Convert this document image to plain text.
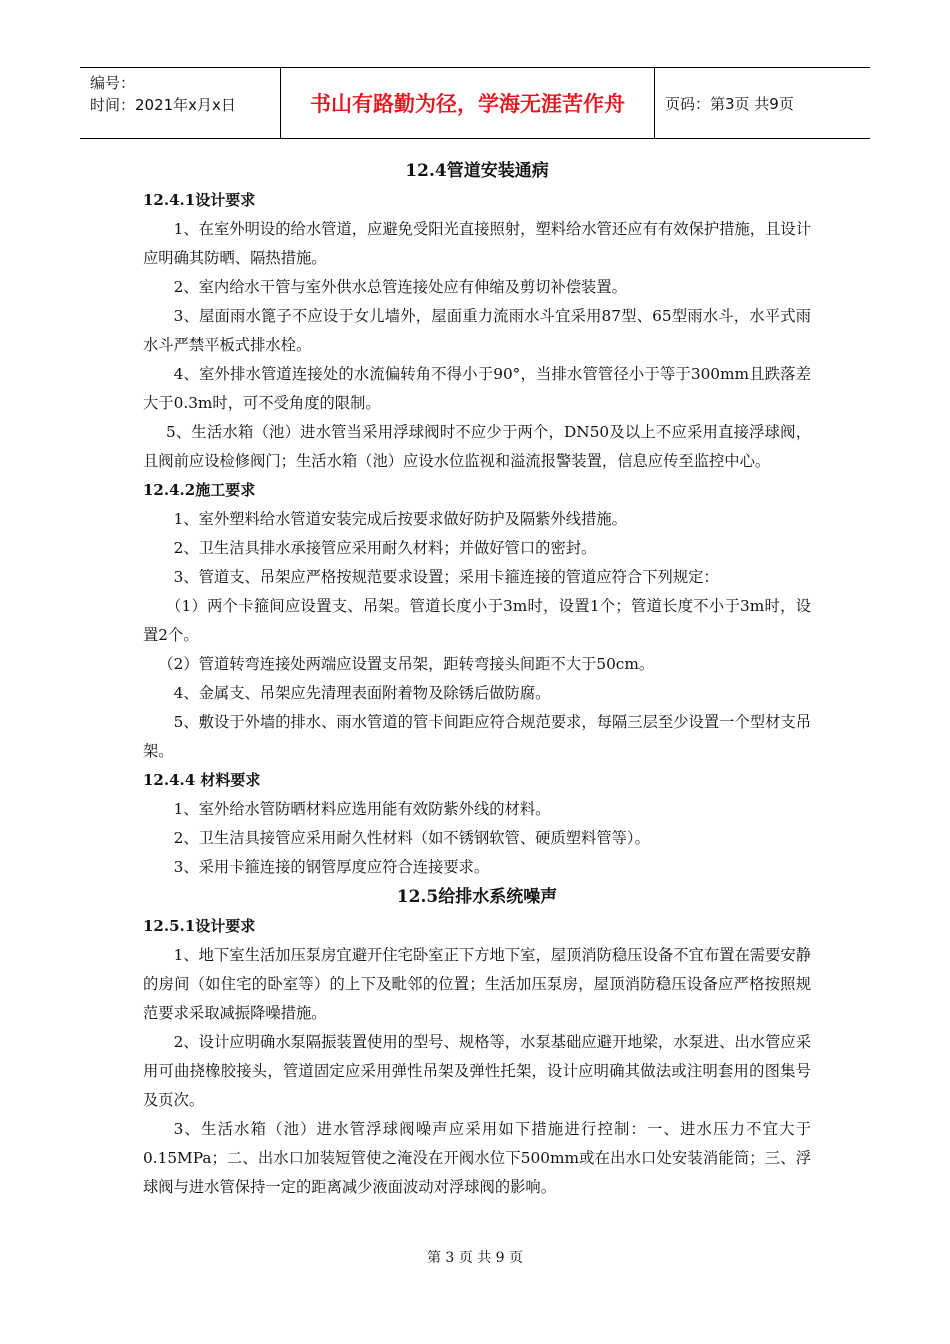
编号：
时间：2021年x月x日	书山有路勤为径，学海无涯苦作舟	页码：第3页 共9页
12.4管道安装通病
12.4.1设计要求

1、在室外明设的给水管道，应避免受阳光直接照射，塑料给水管还应有有效保护措施，且设计应明确其防晒、隔热措施。

2、室内给水干管与室外供水总管连接处应有伸缩及剪切补偿装置。

3、屋面雨水篦子不应设于女儿墙外，屋面重力流雨水斗宜采用87型、65型雨水斗，水平式雨水斗严禁平板式排水栓。

4、室外排水管道连接处的水流偏转角不得小于90°，当排水管管径小于等于300mm且跌落差大于0.3m时，可不受角度的限制。

5、生活水箱（池）进水管当采用浮球阀时不应少于两个，DN50及以上不应采用直接浮球阀，且阀前应设检修阀门；生活水箱（池）应设水位监视和溢流报警装置，信息应传至监控中心。

12.4.2施工要求

1、室外塑料给水管道安装完成后按要求做好防护及隔紫外线措施。

2、卫生洁具排水承接管应采用耐久材料；并做好管口的密封。

3、管道支、吊架应严格按规范要求设置；采用卡箍连接的管道应符合下列规定：

（1）两个卡箍间应设置支、吊架。管道长度小于3m时，设置1个；管道长度不小于3m时，设置2个。

（2）管道转弯连接处两端应设置支吊架，距转弯接头间距不大于50cm。

4、金属支、吊架应先清理表面附着物及除锈后做防腐。

5、敷设于外墙的排水、雨水管道的管卡间距应符合规范要求，每隔三层至少设置一个型材支吊架。

12.4.4 材料要求

1、室外给水管防晒材料应选用能有效防紫外线的材料。

2、卫生洁具接管应采用耐久性材料（如不锈钢软管、硬质塑料管等）。

3、采用卡箍连接的钢管厚度应符合连接要求。

12.5给排水系统噪声
12.5.1设计要求

1、地下室生活加压泵房宜避开住宅卧室正下方地下室，屋顶消防稳压设备不宜布置在需要安静的房间（如住宅的卧室等）的上下及毗邻的位置；生活加压泵房，屋顶消防稳压设备应严格按照规范要求采取减振降噪措施。

2、设计应明确水泵隔振装置使用的型号、规格等，水泵基础应避开地梁，水泵进、出水管应采用可曲挠橡胶接头，管道固定应采用弹性吊架及弹性托架，设计应明确其做法或注明套用的图集号及页次。

3、生活水箱（池）进水管浮球阀噪声应采用如下措施进行控制：一、进水压力不宜大于0.15MPa；二、出水口加装短管使之淹没在开阀水位下500mm或在出水口处安装消能筒；三、浮球阀与进水管保持一定的距离减少液面波动对浮球阀的影响。

第 3 页 共 9 页
